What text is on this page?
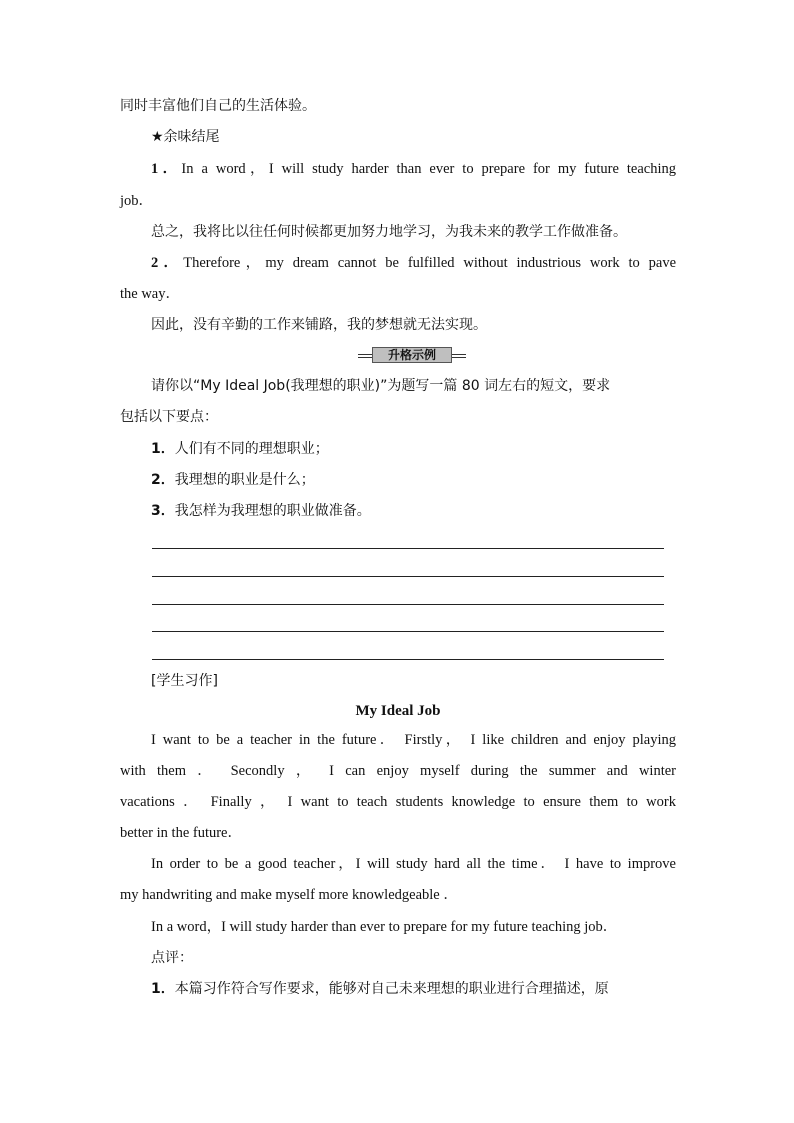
同时丰富他们自己的生活体验。
★余味结尾
1．In a word，I will study harder than ever to prepare for my future teaching
job．
总之，我将比以往任何时候都更加努力地学习，为我未来的教学工作做准备。
2．Therefore，my dream cannot be fulfilled without industrious work to pave
the way．
因此，没有辛勤的工作来铺路，我的梦想就无法实现。
升格示例
请你以“My Ideal Job(我理想的职业)”为题写一篇 80 词左右的短文，要求
包括以下要点：
1．人们有不同的理想职业；
2．我理想的职业是什么；
3．我怎样为我理想的职业做准备。
[学生习作]
My Ideal Job
I want to be a teacher in the future． Firstly， I like children and enjoy playing
with them ． Secondly ， I can enjoy myself during the summer and winter
vacations ． Finally ， I want to teach students knowledge to ensure them to work
better in the future．
In order to be a good teacher，I will study hard all the time． I have to improve
my handwriting and make myself more knowledgeable ．
In a word，I will study harder than ever to prepare for my future teaching job．
点评：
1．本篇习作符合写作要求，能够对自己未来理想的职业进行合理描述，原
